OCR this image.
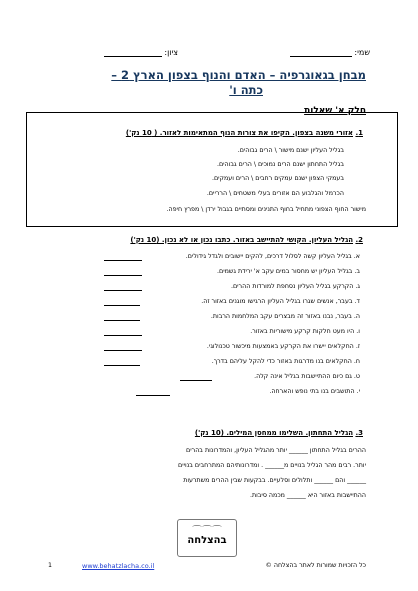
שמי:
ציון:
מבחן בגאוגרפיה – האדם והנוף בצפון הארץ 2 –
כתה ו'
חלק א' שאלות
1. אזורי משנה בצפון. הקיפו את צורות הנוף המתאימות לאזור. ( 10 נק')
בגליל העליון ישנם מישור \ הרים גבוהים.
בגליל התחתון ישנם הרים נמוכים \ הרים גבוהים.
בעמקי הצפון ישנם עמקים רחבים \ הרים ועמקים.
הכרמל והגלבוע הם אזורים בעלי משטחים \ הרריים.
מישור החוף הצפוני מתחיל בחוף התנינים ומסתיים בגבול ירדן \ מפרץ חיפה.
2. הגליל העליון. הקושי להתיישב באזור. כתבו נכון או לא נכון. (10 נק')
א. בגליל העליון קשה לסלול דרכים, להקים יישובים ולגדל גידולים.
ב. בגליל העליון יש מחסור במים עקב א' ירידת גשמים.
ג. הקרקע בגליל העליון נסחפת למורדות ההרים.
ד. בעבר, אנשים שגרו בגליל העליון הרגישו מוגנים באזור זה.
ה. בעבר, נבנו באזור זה מבצרים עקב המלחמות הרבות.
ו. היו מעט חלקות קרקע מישוריות באזור.
ז. החקלאים יישרו את הקרקע באמצעות מיכשור טכנולוגי.
ח. החקלאים בנו מדרגות באזור כדי להקל עליהם בדרך.
ט. גם כיום ההתיישבות בגליל אינה קלה.
י. התושבים בנו בתי נופש והארחה.
3. הגליל התחתון. השלימו ממחסן המילים. (10 נק')
ההרים בגליל התחתון ______ יותר מהגליל העליון, והמדרונות בהרים
יותר. רבים מהר הגליל בנויים מ______ . ומדרונותיהם המתרחבים בנויים
______ והם ______ ותלולים וסלעיים. בבקעות שבין ההרים משתרעות
ההתיישבות באזור היא ______ מכמה סיבות.
⌒⌒⌒
בהצלחה
כל הזכויות שמורות לאתר בהצלחה ©
www.behatzlacha.co.il
1
